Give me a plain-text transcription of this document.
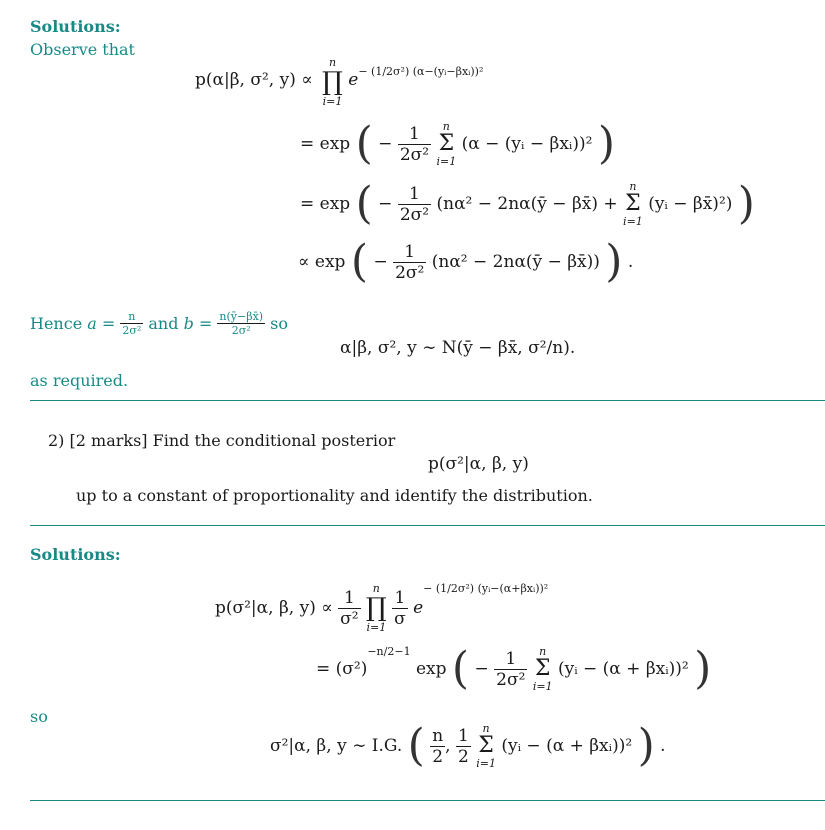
Solutions:
Observe that
p(α|β, σ², y) ∝
n
∏
i=1
$e_{- (1/2\sigma^2) (\alpha-(yᵢ-\beta xᵢ))^2}$
= exp ( − $\frac{1}{\text{2σ²}}$
	n
Σ
i=1
(α − (yᵢ − βxᵢ))² )
= exp ( − $\frac{1}{\text{2σ²}} (n\alpha^2$ − 2nα(ȳ − βx̄) +
n
Σ
i=1
(yᵢ − βx̄)²) )
∝ exp ( − $\frac{1}{\text{2σ²}} (n\alpha^2$ − 2nα(ȳ − βx̄)) ) .
Hence $a = \frac{n}{\text{2σ²}}$ and $b = \frac{n(ȳ-\beta x̄)}{\text{2σ²}}$ so
α|β, σ², y ∼ N(ȳ − βx̄, σ²/n).
as required.
2) [2 marks] Find the conditional posterior
p(σ²|α, β, y)
up to a constant of proportionality and identify the distribution.
Solutions:
p(σ²|α, β, $y) \propto \frac{1}{\text{σ²}}$
	n
∏
i=1
$\frac{1}{\sigma} e^{- (1/2\sigma^2) (yᵢ-(\alpha+\beta xᵢ))^2}$
= $(\sigma^2)^{-n/2-1}$ exp ( − $\frac{1}{\text{2σ²}}$
	n
Σ
i=1
(yᵢ − (α + βxᵢ))² )
so
σ²|α, β, y ∼ I.G. ( $\frac{n}{2}$ , $\frac{1}{2}$
	n
Σ
i=1
(yᵢ − (α + βxᵢ))² ) .
